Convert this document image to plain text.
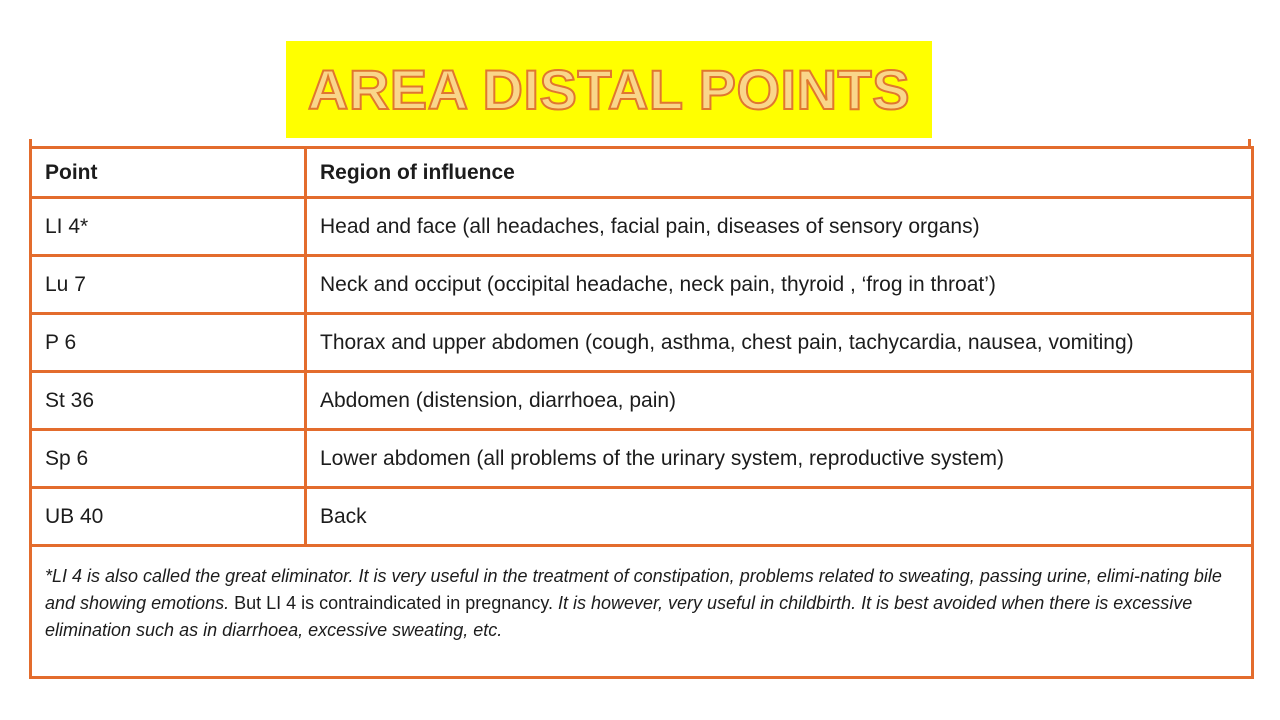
AREA DISTAL POINTS
Point	Region of influence
LI 4*	Head and face (all headaches, facial pain, diseases of sensory organs)
Lu 7	Neck and occiput (occipital headache, neck pain, thyroid , ‘frog in throat’)
P 6	Thorax and upper abdomen (cough, asthma, chest pain, tachycardia, nausea, vomiting)
St 36	Abdomen (distension, diarrhoea, pain)
Sp 6	Lower abdomen (all problems of the urinary system, reproductive system)
UB 40	Back
*LI 4 is also called the great eliminator. It is very useful in the treatment of constipation, problems related to sweating, passing urine, elimi-nating bile and showing emotions. But LI 4 is contraindicated in pregnancy. It is however, very useful in childbirth. It is best avoided when there is excessive elimination such as in diarrhoea, excessive sweating, etc.	
